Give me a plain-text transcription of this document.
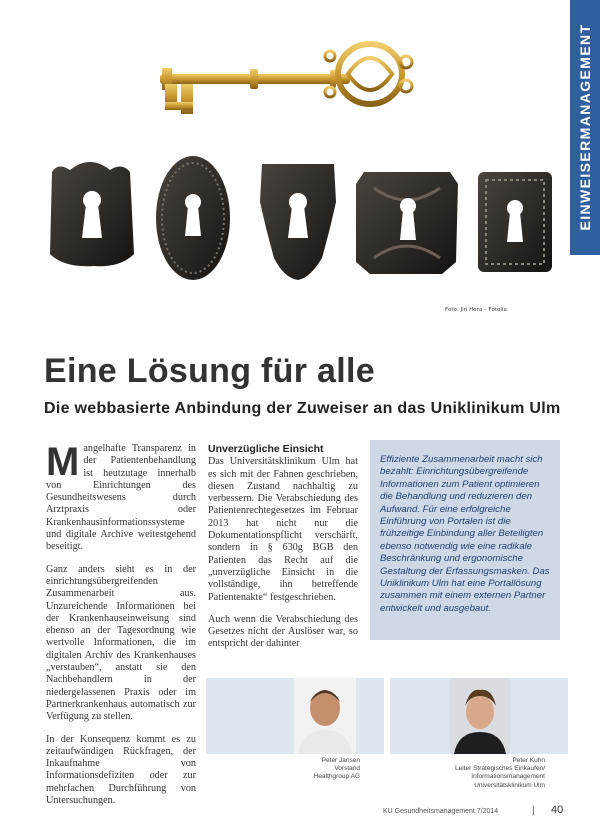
EINWEISERMANAGEMENT
Foto: Jiri Hera – Fotolia
Eine Lösung für alle
Die webbasierte Anbindung der Zuweiser an das Uniklinikum Ulm

Mangelhafte Transparenz in der Patientenbehandlung ist heutzutage innerhalb von Einrichtungen des Gesundheitswesens durch Arztpraxis oder Krankenhausinformationssysteme und digitale Archive weitestgehend beseitigt.

Ganz anders sieht es in der einrichtungsübergreifenden Zusammenarbeit aus. Unzureichende Informationen bei der Krankenhauseinweisung sind ebenso an der Tagesordnung wie wertvolle Informationen, die im digitalen Archiv des Krankenhauses „verstauben“, anstatt sie den Nachbehandlern in der niedergelassenen Praxis oder im Partnerkrankenhaus automatisch zur Verfügung zu stellen.

In der Konsequenz kommt es zu zeitaufwändigen Rückfragen, der Inkaufnahme von Informationsdefiziten oder zur mehrfachen Durchführung von Untersuchungen.

Unverzügliche Einsicht

Das Universitätsklinikum Ulm hat es sich mit der Fahnen geschrieben, diesen Zustand nachhaltig zu verbessern. Die Verabschiedung des Patientenrechtegesetzes im Februar 2013 hat nicht nur die Dokumentationspflicht verschärft, sondern in § 630g BGB den Patienten das Recht auf die „unverzügliche Einsicht in die vollständige, ihn betreffende Patientenakte“ festgeschrieben.

Auch wenn die Verabschiedung des Gesetzes nicht der Auslöser war, so entspricht der dahinter

Effiziente Zusammenarbeit macht sich bezahlt: Einrichtungsübergreifende Informationen zum Patient optimieren die Behandlung und reduzieren den Aufwand. Für eine erfolgreiche Einführung von Portalen ist die frühzeitige Einbindung aller Beteiligten ebenso notwendig wie eine radikale Beschränkung und ergonomische Gestaltung der Erfassungsmasken. Das Uniklinikum Ulm hat eine Portallösung zusammen mit einem externen Partner entwickelt und ausgebaut.

Peter Jansen
Vorstand
Healthgroup AG
Peter Kuhn
Leiter Strategisches Einkaufen/ Informationsmanagement
Universitätsklinikum Ulm
KU Gesundheitsmanagement 7/2014	| 40
